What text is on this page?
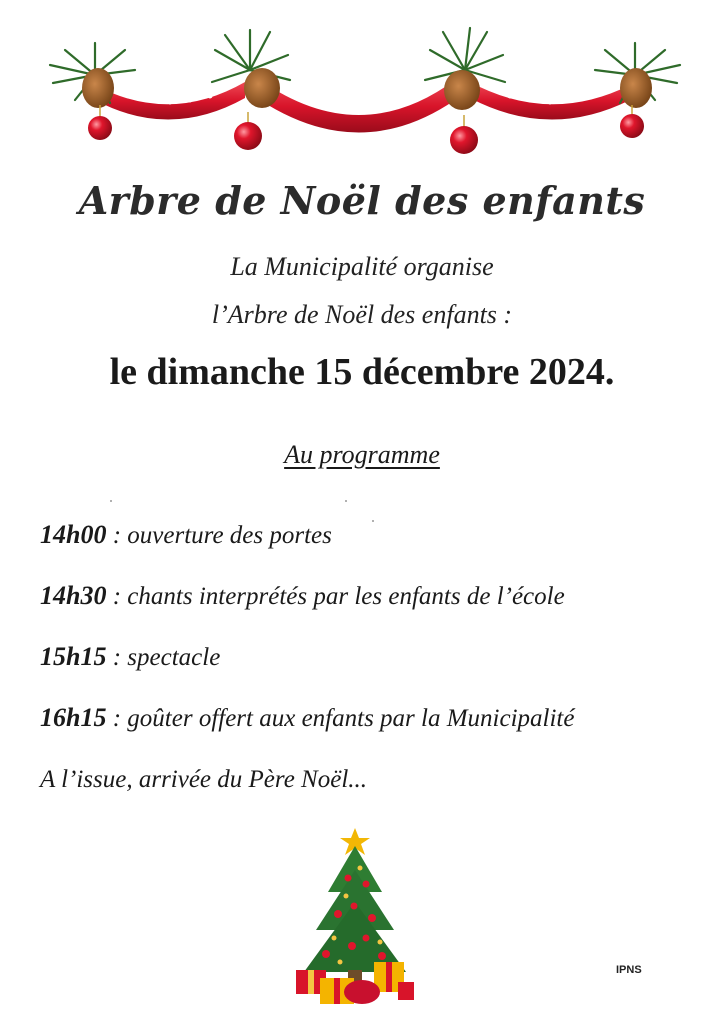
Arbre de Noël des enfants
La Municipalité organise
l’Arbre de Noël des enfants :
le dimanche 15 décembre 2024.
Au programme
14h00 : ouverture des portes
14h30 : chants interprétés par les enfants de l’école
15h15 : spectacle
16h15 : goûter offert aux enfants par la Municipalité
A l’issue, arrivée du Père Noël...
IPNS
